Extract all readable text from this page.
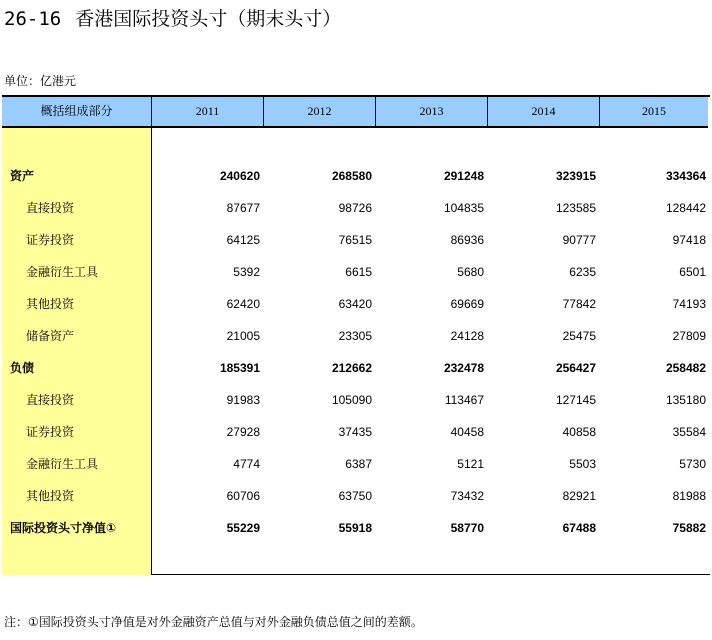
26-16 香港国际投资头寸（期末头寸）
单位：亿港元
概括组成部分	2011	2012	2013	2014	2015
资产	240620	268580	291248	323915	334364
直接投资	87677	98726	104835	123585	128442
证券投资	64125	76515	86936	90777	97418
金融衍生工具	5392	6615	5680	6235	6501
其他投资	62420	63420	69669	77842	74193
储备资产	21005	23305	24128	25475	27809
负债	185391	212662	232478	256427	258482
直接投资	91983	105090	113467	127145	135180
证券投资	27928	37435	40458	40858	35584
金融衍生工具	4774	6387	5121	5503	5730
其他投资	60706	63750	73432	82921	81988
国际投资头寸净值①	55229	55918	58770	67488	75882
注：①国际投资头寸净值是对外金融资产总值与对外金融负债总值之间的差额。
